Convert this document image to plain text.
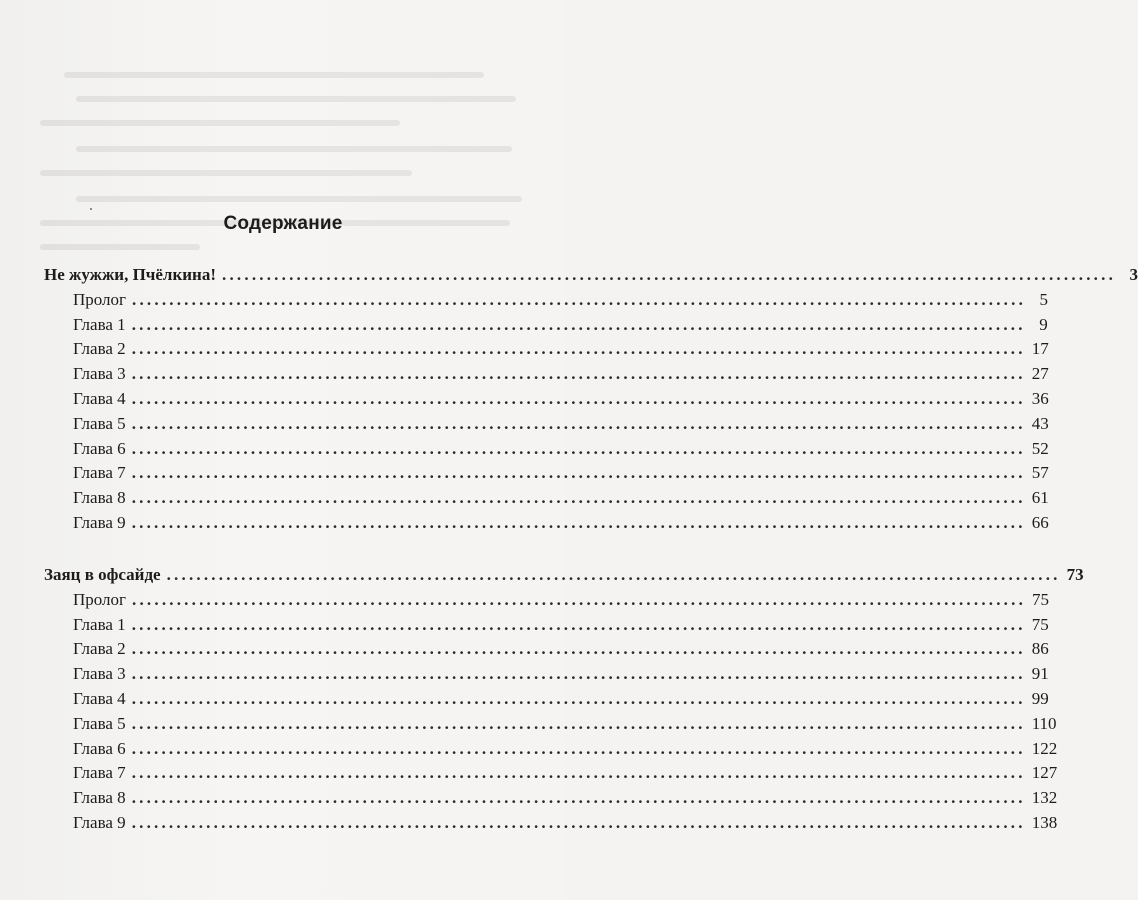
Содержание
Не жужжи, Пчёлкина! ........................................................................................................................ 3
Пролог ........................................................................................................................ 5
Глава 1 ........................................................................................................................ 9
Глава 2 ........................................................................................................................ 17
Глава 3 ........................................................................................................................ 27
Глава 4 ........................................................................................................................ 36
Глава 5 ........................................................................................................................ 43
Глава 6 ........................................................................................................................ 52
Глава 7 ........................................................................................................................ 57
Глава 8 ........................................................................................................................ 61
Глава 9 ........................................................................................................................ 66
Заяц в офсайде ........................................................................................................................ 73
Пролог ........................................................................................................................ 75
Глава 1 ........................................................................................................................ 75
Глава 2 ........................................................................................................................ 86
Глава 3 ........................................................................................................................ 91
Глава 4 ........................................................................................................................ 99
Глава 5 ........................................................................................................................ 110
Глава 6 ........................................................................................................................ 122
Глава 7 ........................................................................................................................ 127
Глава 8 ........................................................................................................................ 132
Глава 9 ........................................................................................................................ 138
